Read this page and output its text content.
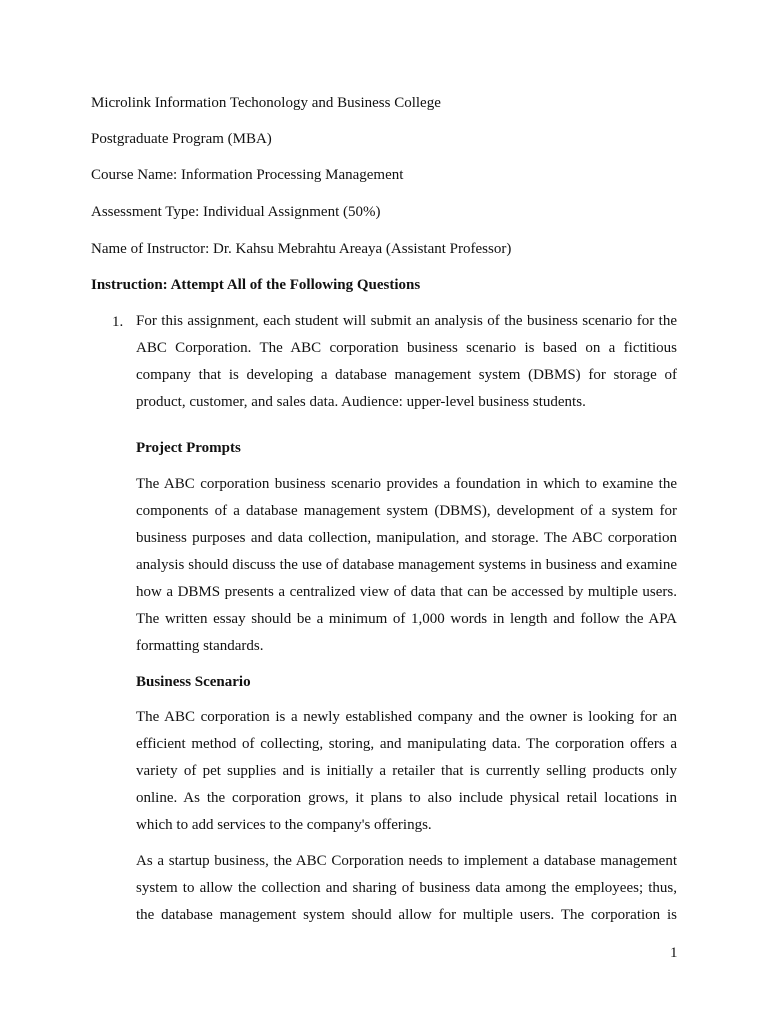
Microlink Information Techonology and Business College

Postgraduate Program (MBA)

Course Name: Information Processing Management

Assessment Type: Individual Assignment (50%)

Name of Instructor: Dr. Kahsu Mebrahtu Areaya (Assistant Professor)

Instruction: Attempt All of the Following Questions

1. For this assignment, each student will submit an analysis of the business scenario for the
ABC Corporation. The ABC corporation business scenario is based on a fictitious
company that is developing a database management system (DBMS) for storage of
product, customer, and sales data. Audience: upper-level business students.

Project Prompts

The ABC corporation business scenario provides a foundation in which to examine the
components of a database management system (DBMS), development of a system for
business purposes and data collection, manipulation, and storage. The ABC corporation
analysis should discuss the use of database management systems in business and examine
how a DBMS presents a centralized view of data that can be accessed by multiple users.
The written essay should be a minimum of 1,000 words in length and follow the APA
formatting standards.

Business Scenario

The ABC corporation is a newly established company and the owner is looking for an
efficient method of collecting, storing, and manipulating data. The corporation offers a
variety of pet supplies and is initially a retailer that is currently selling products only
online. As the corporation grows, it plans to also include physical retail locations in
which to add services to the company's offerings.
As a startup business, the ABC Corporation needs to implement a database management
system to allow the collection and sharing of business data among the employees; thus,
the database management system should allow for multiple users. The corporation is
1
